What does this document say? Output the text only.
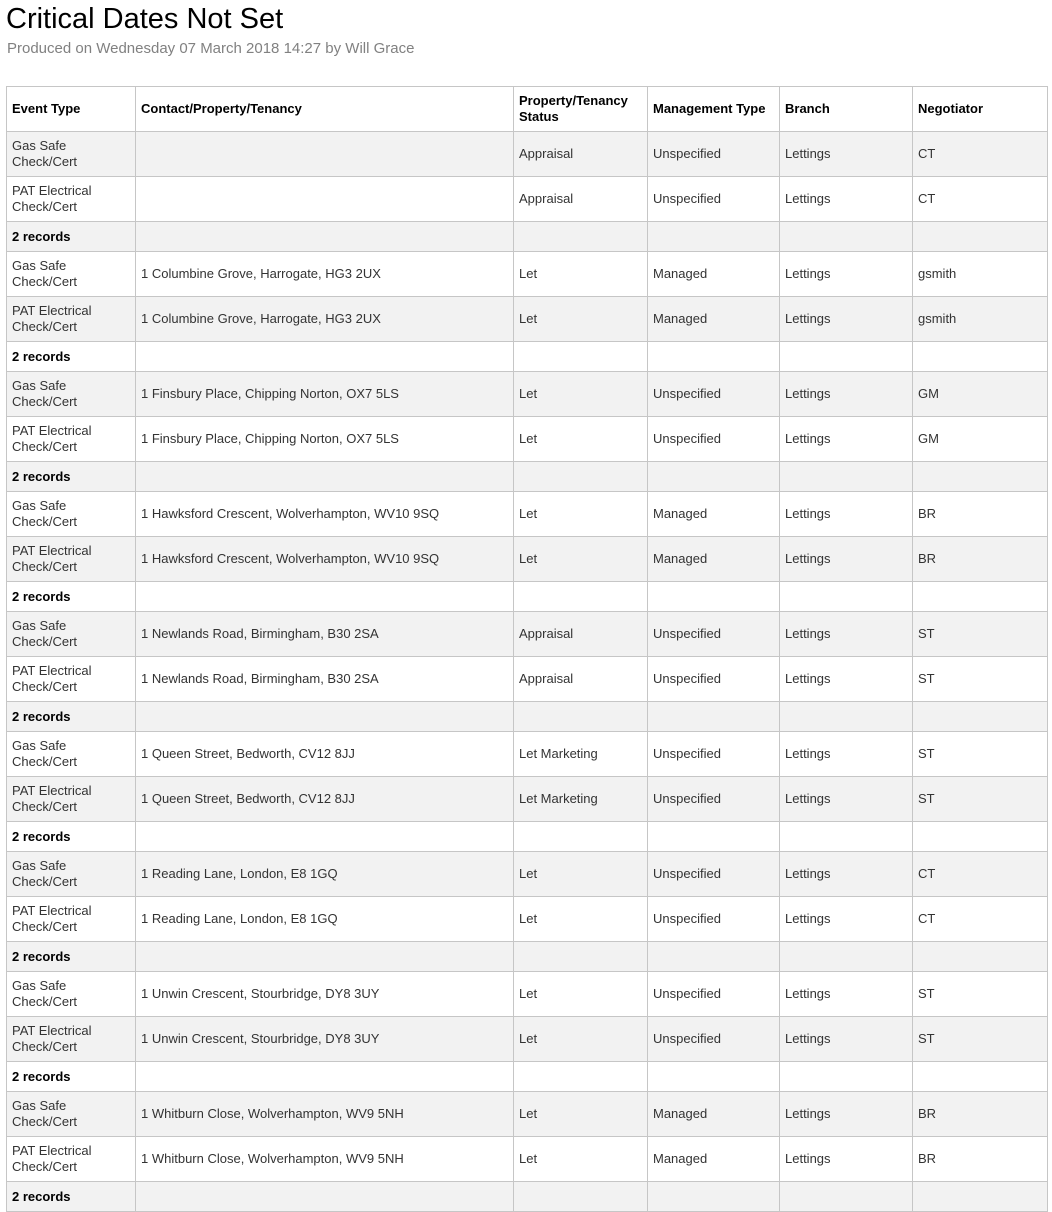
Critical Dates Not Set
Produced on Wednesday 07 March 2018 14:27 by Will Grace
Event Type	Contact/Property/Tenancy	Property/Tenancy Status	Management Type	Branch	Negotiator
Gas Safe Check/Cert		Appraisal	Unspecified	Lettings	CT
PAT Electrical Check/Cert		Appraisal	Unspecified	Lettings	CT
2 records					
Gas Safe Check/Cert	1 Columbine Grove, Harrogate, HG3 2UX	Let	Managed	Lettings	gsmith
PAT Electrical Check/Cert	1 Columbine Grove, Harrogate, HG3 2UX	Let	Managed	Lettings	gsmith
2 records					
Gas Safe Check/Cert	1 Finsbury Place, Chipping Norton, OX7 5LS	Let	Unspecified	Lettings	GM
PAT Electrical Check/Cert	1 Finsbury Place, Chipping Norton, OX7 5LS	Let	Unspecified	Lettings	GM
2 records					
Gas Safe Check/Cert	1 Hawksford Crescent, Wolverhampton, WV10 9SQ	Let	Managed	Lettings	BR
PAT Electrical Check/Cert	1 Hawksford Crescent, Wolverhampton, WV10 9SQ	Let	Managed	Lettings	BR
2 records					
Gas Safe Check/Cert	1 Newlands Road, Birmingham, B30 2SA	Appraisal	Unspecified	Lettings	ST
PAT Electrical Check/Cert	1 Newlands Road, Birmingham, B30 2SA	Appraisal	Unspecified	Lettings	ST
2 records					
Gas Safe Check/Cert	1 Queen Street, Bedworth, CV12 8JJ	Let Marketing	Unspecified	Lettings	ST
PAT Electrical Check/Cert	1 Queen Street, Bedworth, CV12 8JJ	Let Marketing	Unspecified	Lettings	ST
2 records					
Gas Safe Check/Cert	1 Reading Lane, London, E8 1GQ	Let	Unspecified	Lettings	CT
PAT Electrical Check/Cert	1 Reading Lane, London, E8 1GQ	Let	Unspecified	Lettings	CT
2 records					
Gas Safe Check/Cert	1 Unwin Crescent, Stourbridge, DY8 3UY	Let	Unspecified	Lettings	ST
PAT Electrical Check/Cert	1 Unwin Crescent, Stourbridge, DY8 3UY	Let	Unspecified	Lettings	ST
2 records					
Gas Safe Check/Cert	1 Whitburn Close, Wolverhampton, WV9 5NH	Let	Managed	Lettings	BR
PAT Electrical Check/Cert	1 Whitburn Close, Wolverhampton, WV9 5NH	Let	Managed	Lettings	BR
2 records					
